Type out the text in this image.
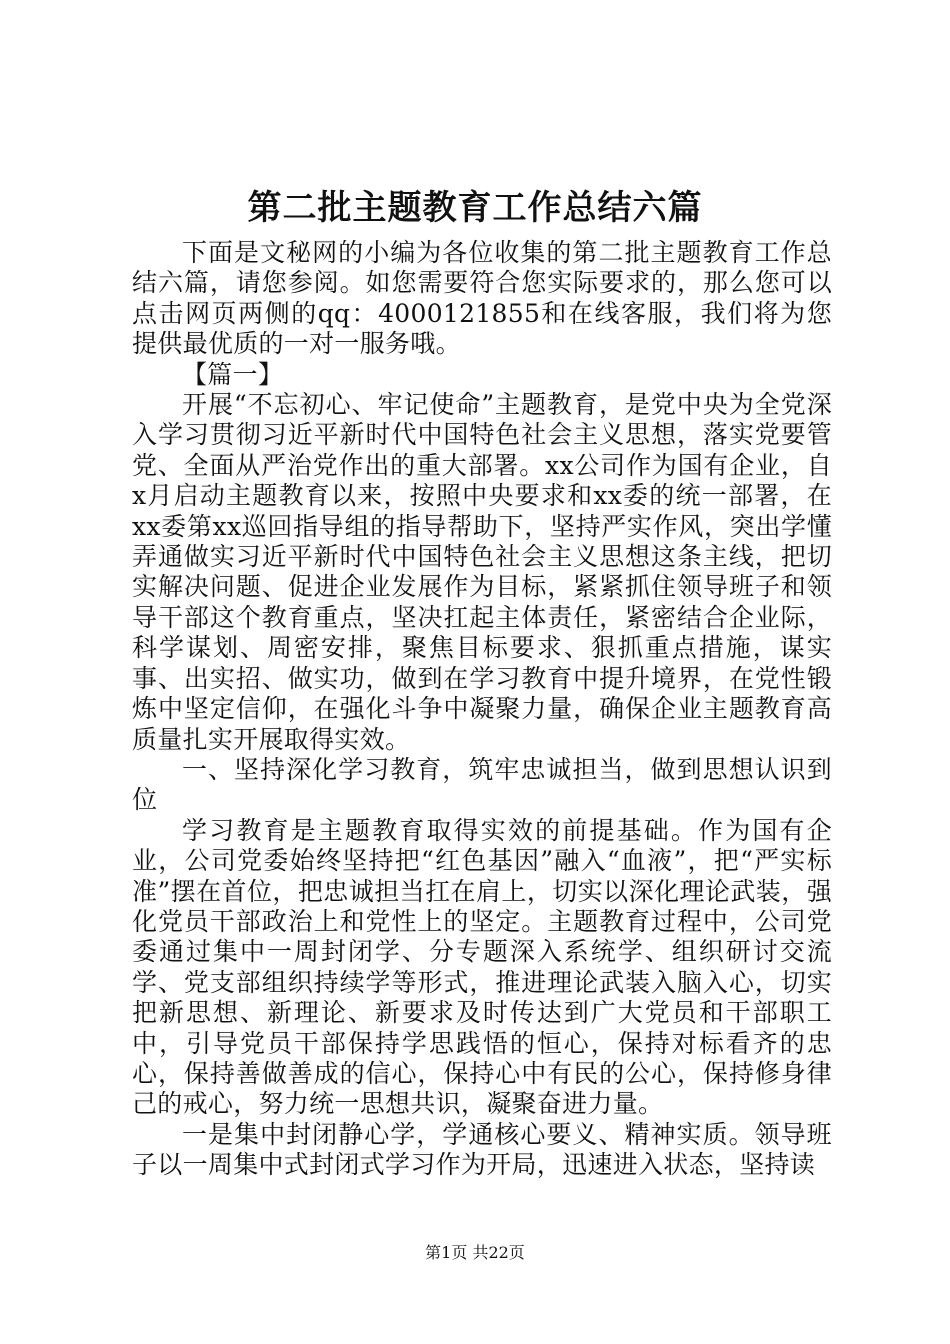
第二批主题教育工作总结六篇

下面是文秘网的小编为各位收集的第二批主题教育工作总结六篇，请您参阅。如您需要符合您实际要求的，那么您可以点击网页两侧的qq：4000121855和在线客服，我们将为您提供最优质的一对一服务哦。

【篇一】

开展“不忘初心、牢记使命”主题教育，是党中央为全党深入学习贯彻习近平新时代中国特色社会主义思想，落实党要管党、全面从严治党作出的重大部署。xx公司作为国有企业，自x月启动主题教育以来，按照中央要求和xx委的统一部署，在xx委第xx巡回指导组的指导帮助下，坚持严实作风，突出学懂弄通做实习近平新时代中国特色社会主义思想这条主线，把切实解决问题、促进企业发展作为目标，紧紧抓住领导班子和领导干部这个教育重点，坚决扛起主体责任，紧密结合企业际，科学谋划、周密安排，聚焦目标要求、狠抓重点措施，谋实事、出实招、做实功，做到在学习教育中提升境界，在党性锻炼中坚定信仰，在强化斗争中凝聚力量，确保企业主题教育高质量扎实开展取得实效。

一、坚持深化学习教育，筑牢忠诚担当，做到思想认识到位

学习教育是主题教育取得实效的前提基础。作为国有企业，公司党委始终坚持把“红色基因”融入“血液”，把“严实标准”摆在首位，把忠诚担当扛在肩上，切实以深化理论武装，强化党员干部政治上和党性上的坚定。主题教育过程中，公司党委通过集中一周封闭学、分专题深入系统学、组织研讨交流学、党支部组织持续学等形式，推进理论武装入脑入心，切实把新思想、新理论、新要求及时传达到广大党员和干部职工中，引导党员干部保持学思践悟的恒心，保持对标看齐的忠心，保持善做善成的信心，保持心中有民的公心，保持修身律己的戒心，努力统一思想共识，凝聚奋进力量。

一是集中封闭静心学，学通核心要义、精神实质。领导班子以一周集中式封闭式学习作为开局，迅速进入状态，坚持读

第1页 共22页
